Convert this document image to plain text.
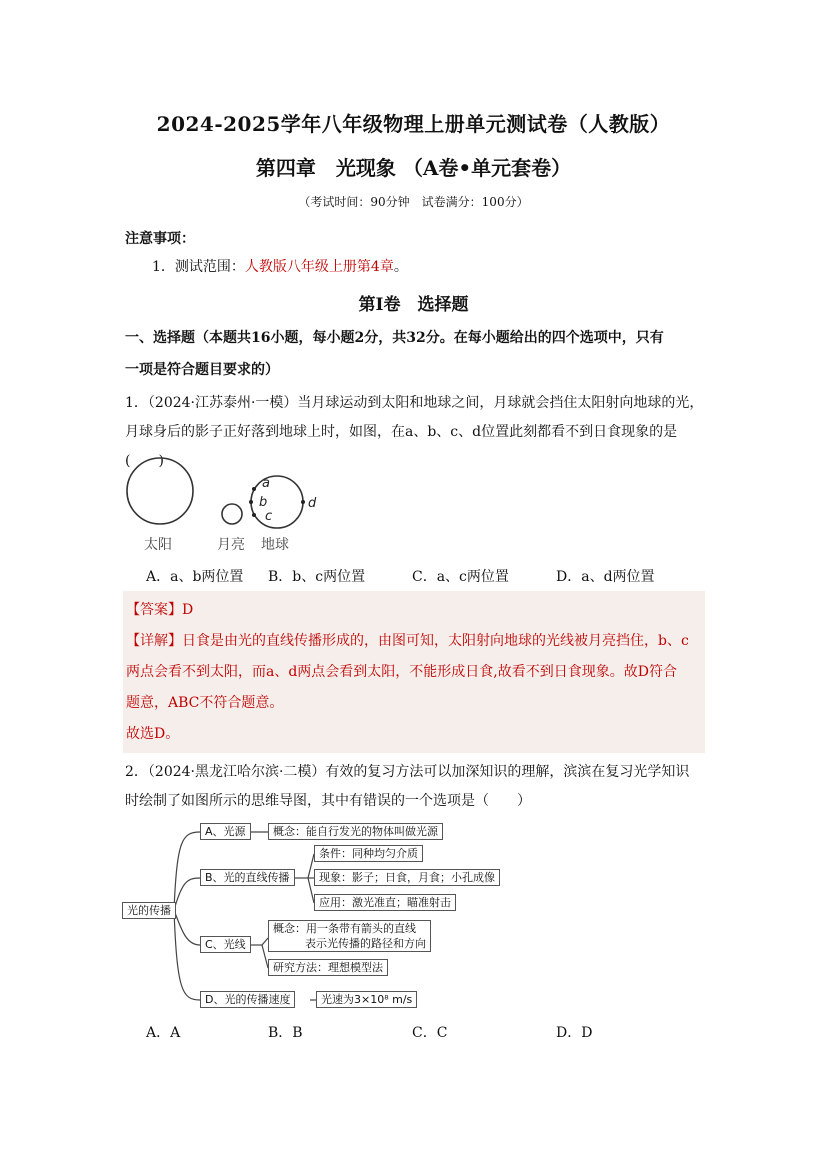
2024-2025学年八年级物理上册单元测试卷（人教版）
第四章　光现象 （A卷•单元套卷）
（考试时间：90分钟　试卷满分：100分）
注意事项：
1．测试范围：人教版八年级上册第4章。
第Ⅰ卷　选择题
一、选择题（本题共16小题，每小题2分，共32分。在每小题给出的四个选项中，只有
一项是符合题目要求的）
1．（2024·江苏泰州·一模）当月球运动到太阳和地球之间，月球就会挡住太阳射向地球的光，
月球身后的影子正好落到地球上时，如图，在a、b、c、d位置此刻都看不到日食现象的是(　　)
a
b
c
d
太阳	月亮 地球
A．a、b两位置 B．b、c两位置	C．a、c两位置	D．a、d两位置
【答案】D
【详解】日食是由光的直线传播形成的，由图可知，太阳射向地球的光线被月亮挡住，b、c
两点会看不到太阳，而a、d两点会看到太阳，不能形成日食,故看不到日食现象。故D符合
题意，ABC不符合题意。
故选D。
2．（2024·黑龙江哈尔滨·二模）有效的复习方法可以加深知识的理解，滨滨在复习光学知识
时绘制了如图所示的思维导图，其中有错误的一个选项是（　　）
光的传播
A、光源	概念：能自行发光的物体叫做光源
B、光的直线传播
条件：同种均匀介质
现象：影子；日食，月食；小孔成像
应用：激光准直；瞄准射击
C、光线
概念：用一条带有箭头的直线
表示光传播的路径和方向
研究方法：理想模型法
D、光的传播速度	光速为3×10⁸ m/s
A．A	B．B	C．C	D．D
